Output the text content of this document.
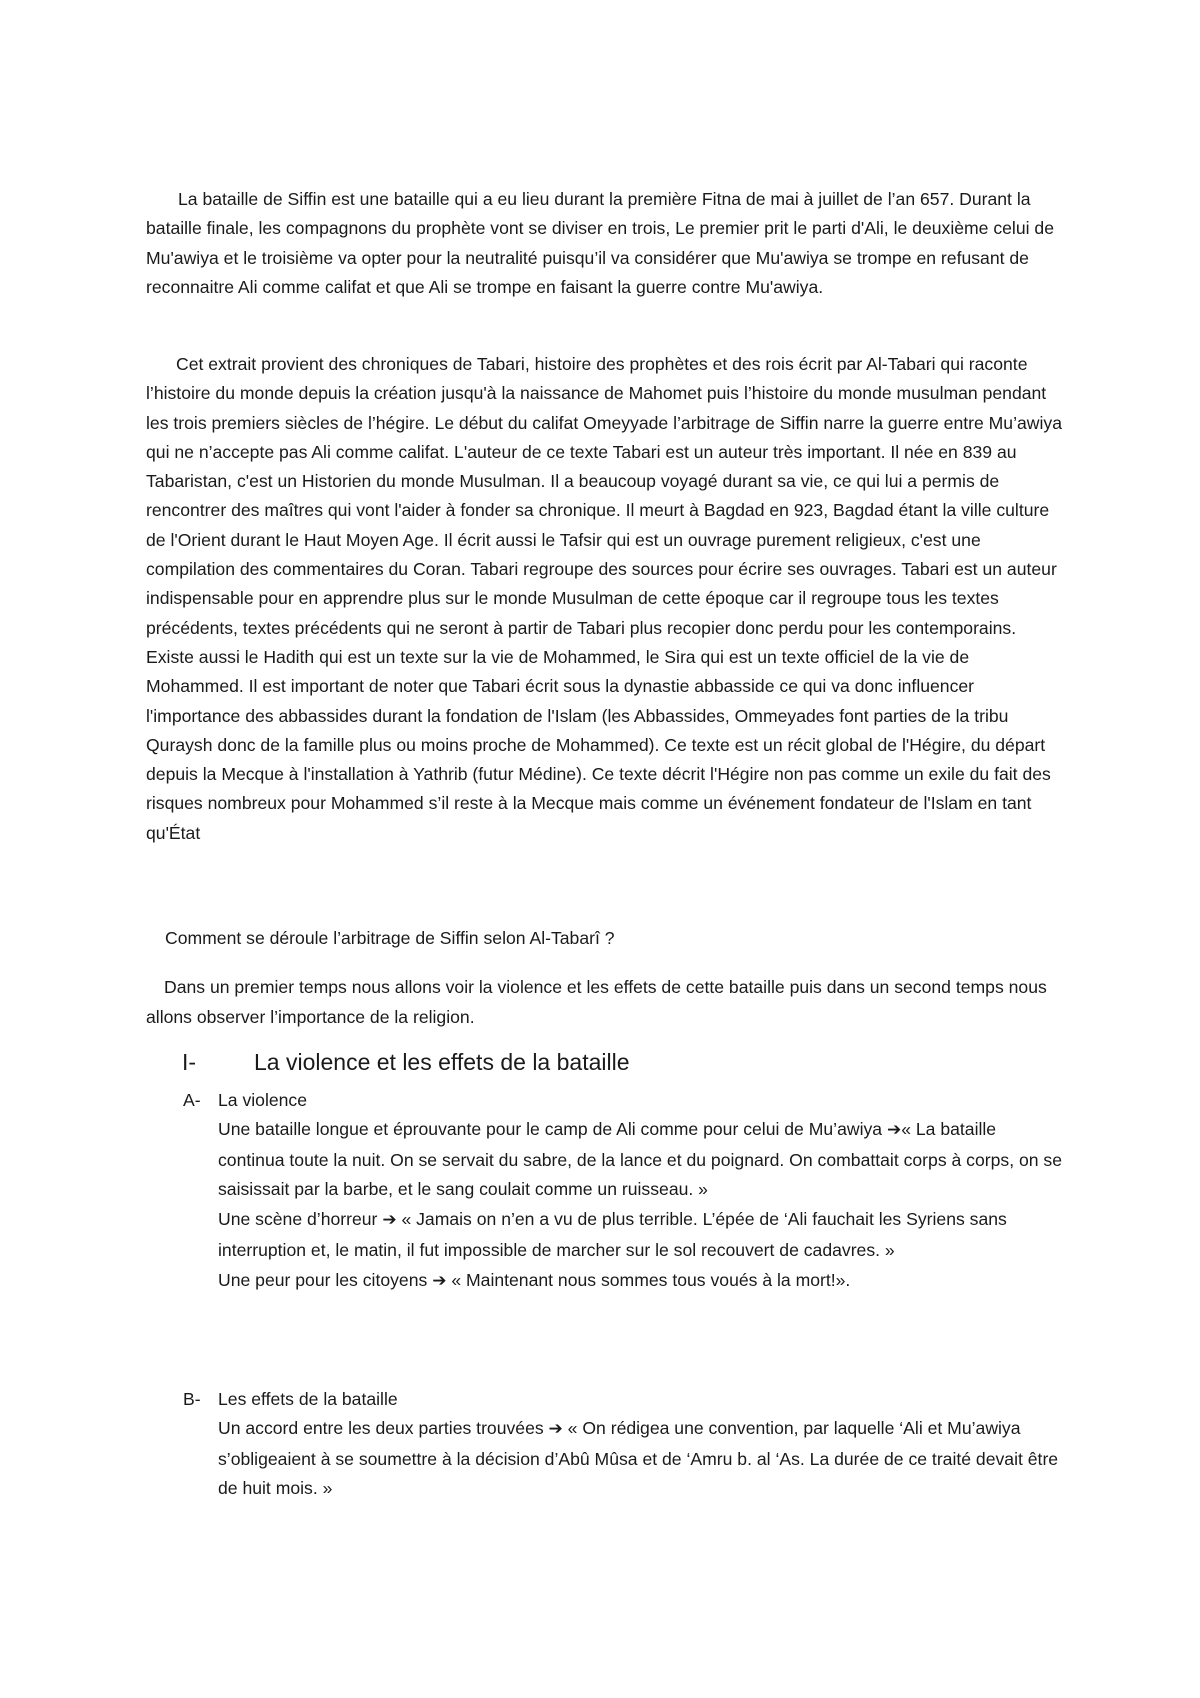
La bataille de Siffin est une bataille qui a eu lieu durant la première Fitna de mai à juillet de l’an 657. Durant la bataille finale, les compagnons du prophète vont se diviser en trois, Le premier prit le parti d'Ali, le deuxième celui de Mu'awiya et le troisième va opter pour la neutralité puisqu’il va considérer que Mu'awiya se trompe en refusant de reconnaitre Ali comme califat et que Ali se trompe en faisant la guerre contre Mu'awiya.

Cet extrait provient des chroniques de Tabari, histoire des prophètes et des rois écrit par Al-Tabari qui raconte l’histoire du monde depuis la création jusqu'à la naissance de Mahomet puis l’histoire du monde musulman pendant les trois premiers siècles de l’hégire. Le début du califat Omeyyade l’arbitrage de Siffin narre la guerre entre Mu’awiya qui ne n’accepte pas Ali comme califat. L'auteur de ce texte Tabari est un auteur très important. Il née en 839 au Tabaristan, c'est un Historien du monde Musulman. Il a beaucoup voyagé durant sa vie, ce qui lui a permis de rencontrer des maîtres qui vont l'aider à fonder sa chronique. Il meurt à Bagdad en 923, Bagdad étant la ville culture de l'Orient durant le Haut Moyen Age. Il écrit aussi le Tafsir qui est un ouvrage purement religieux, c'est une compilation des commentaires du Coran. Tabari regroupe des sources pour écrire ses ouvrages. Tabari est un auteur indispensable pour en apprendre plus sur le monde Musulman de cette époque car il regroupe tous les textes précédents, textes précédents qui ne seront à partir de Tabari plus recopier donc perdu pour les contemporains. Existe aussi le Hadith qui est un texte sur la vie de Mohammed, le Sira qui est un texte officiel de la vie de Mohammed. Il est important de noter que Tabari écrit sous la dynastie abbasside ce qui va donc influencer l'importance des abbassides durant la fondation de l'Islam (les Abbassides, Ommeyades font parties de la tribu Quraysh donc de la famille plus ou moins proche de Mohammed). Ce texte est un récit global de l'Hégire, du départ depuis la Mecque à l'installation à Yathrib (futur Médine). Ce texte décrit l'Hégire non pas comme un exile du fait des risques nombreux pour Mohammed s’il reste à la Mecque mais comme un événement fondateur de l'Islam en tant qu'État

Comment se déroule l’arbitrage de Siffin selon Al-Tabarî ?

Dans un premier temps nous allons voir la violence et les effets de cette bataille puis dans un second temps nous allons observer l’importance de la religion.

I-	La violence et les effets de la bataille
A- La violence

Une bataille longue et éprouvante pour le camp de Ali comme pour celui de Mu’awiya ➔« La bataille continua toute la nuit. On se servait du sabre, de la lance et du poignard. On combattait corps à corps, on se saisissait par la barbe, et le sang coulait comme un ruisseau. »

Une scène d’horreur ➔ « Jamais on n’en a vu de plus terrible. L’épée de ‘Ali fauchait les Syriens sans interruption et, le matin, il fut impossible de marcher sur le sol recouvert de cadavres. »

Une peur pour les citoyens ➔ « Maintenant nous sommes tous voués à la mort!».

B- Les effets de la bataille

Un accord entre les deux parties trouvées ➔ « On rédigea une convention, par laquelle ‘Ali et Mu’awiya s’obligeaient à se soumettre à la décision d’Abû Mûsa et de ‘Amru b. al ‘As. La durée de ce traité devait être de huit mois. »
